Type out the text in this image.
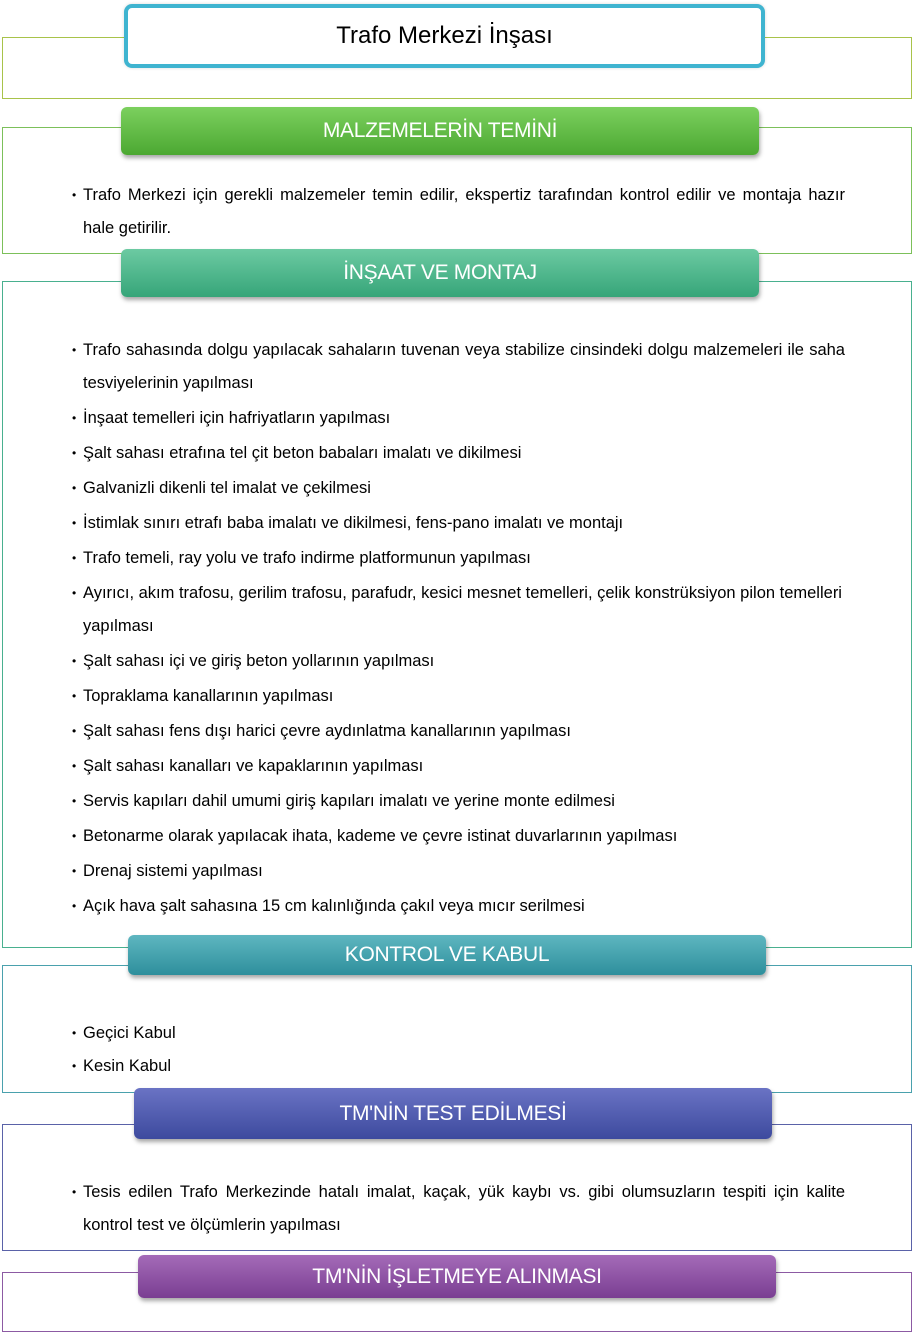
Trafo Merkezi İnşası
MALZEMELERİN TEMİNİ
İNŞAAT VE MONTAJ
KONTROL VE KABUL
TM'NİN TEST EDİLMESİ
TM'NİN İŞLETMEYE ALINMASI
• Trafo Merkezi için gerekli malzemeler temin edilir, ekspertiz tarafından kontrol edilir ve montaja hazır hale getirilir.
• Trafo sahasında dolgu yapılacak sahaların tuvenan veya stabilize cinsindeki dolgu malzemeleri ile saha tesviyelerinin yapılması
• İnşaat temelleri için hafriyatların yapılması
• Şalt sahası etrafına tel çit beton babaları imalatı ve dikilmesi
• Galvanizli dikenli tel imalat ve çekilmesi
• İstimlak sınırı etrafı baba imalatı ve dikilmesi, fens-pano imalatı ve montajı
• Trafo temeli, ray yolu ve trafo indirme platformunun yapılması
• Ayırıcı, akım trafosu, gerilim trafosu, parafudr, kesici mesnet temelleri, çelik konstrüksiyon pilon temelleri yapılması
• Şalt sahası içi ve giriş beton yollarının yapılması
• Topraklama kanallarının yapılması
• Şalt sahası fens dışı harici çevre aydınlatma kanallarının yapılması
• Şalt sahası kanalları ve kapaklarının yapılması
• Servis kapıları dahil umumi giriş kapıları imalatı ve yerine monte edilmesi
• Betonarme olarak yapılacak ihata, kademe ve çevre istinat duvarlarının yapılması
• Drenaj sistemi yapılması
• Açık hava şalt sahasına 15 cm kalınlığında çakıl veya mıcır serilmesi
• Geçici Kabul
• Kesin Kabul
• Tesis edilen Trafo Merkezinde hatalı imalat, kaçak, yük kaybı vs. gibi olumsuzların tespiti için kalite kontrol test ve ölçümlerin yapılması
